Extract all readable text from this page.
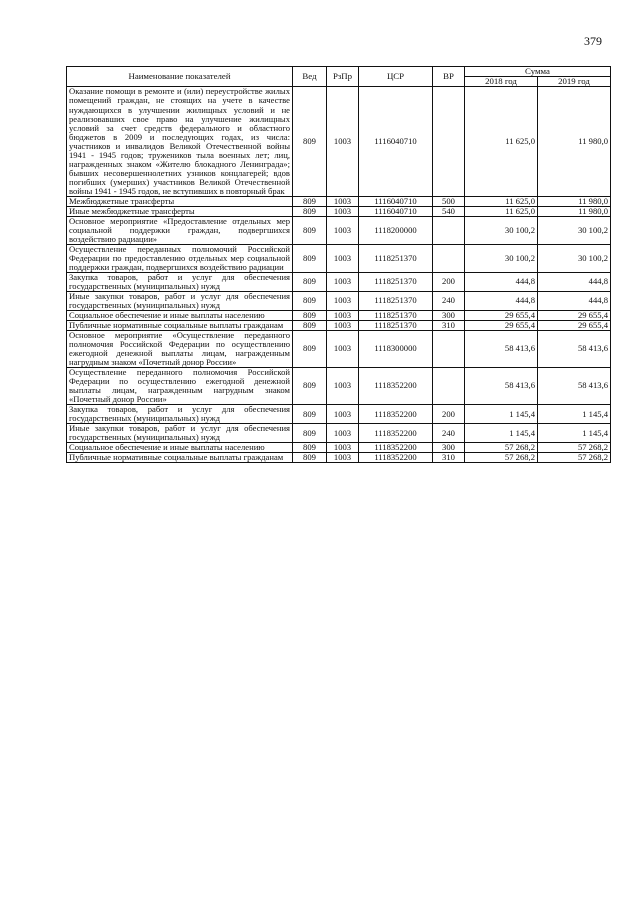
379
Наименование показателей	Вед	РзПр	ЦСР	ВР	Сумма	
					2018 год	2019 год
Оказание помощи в ремонте и (или) переустройстве жилых помещений граждан, не стоящих на учете в качестве нуждающихся в улучшении жилищных условий и не реализовавших свое право на улучшение жилищных условий за счет средств федерального и областного бюджетов в 2009 и последующих годах, из числа: участников и инвалидов Великой Отечественной войны 1941 - 1945 годов; тружеников тыла военных лет; лиц, награжденных знаком «Жителю блокадного Ленинграда»; бывших несовершеннолетних узников концлагерей; вдов погибших (умерших) участников Великой Отечественной войны 1941 - 1945 годов, не вступивших в повторный брак	809	1003	1116040710		11 625,0	11 980,0
Межбюджетные трансферты	809	1003	1116040710	500	11 625,0	11 980,0
Иные межбюджетные трансферты	809	1003	1116040710	540	11 625,0	11 980,0
Основное мероприятие «Предоставление отдельных мер социальной поддержки граждан, подвергшихся воздействию радиации»	809	1003	1118200000		30 100,2	30 100,2
Осуществление переданных полномочий Российской Федерации по предоставлению отдельных мер социальной поддержки граждан, подвергшихся воздействию радиации	809	1003	1118251370		30 100,2	30 100,2
Закупка товаров, работ и услуг для обеспечения государственных (муниципальных) нужд	809	1003	1118251370	200	444,8	444,8
Иные закупки товаров, работ и услуг для обеспечения государственных (муниципальных) нужд	809	1003	1118251370	240	444,8	444,8
Социальное обеспечение и иные выплаты населению	809	1003	1118251370	300	29 655,4	29 655,4
Публичные нормативные социальные выплаты гражданам	809	1003	1118251370	310	29 655,4	29 655,4
Основное мероприятие «Осуществление переданного полномочия Российской Федерации по осуществлению ежегодной денежной выплаты лицам, награжденным нагрудным знаком «Почетный донор России»	809	1003	1118300000		58 413,6	58 413,6
Осуществление переданного полномочия Российской Федерации по осуществлению ежегодной денежной выплаты лицам, награжденным нагрудным знаком «Почетный донор России»	809	1003	1118352200		58 413,6	58 413,6
Закупка товаров, работ и услуг для обеспечения государственных (муниципальных) нужд	809	1003	1118352200	200	1 145,4	1 145,4
Иные закупки товаров, работ и услуг для обеспечения государственных (муниципальных) нужд	809	1003	1118352200	240	1 145,4	1 145,4
Социальное обеспечение и иные выплаты населению	809	1003	1118352200	300	57 268,2	57 268,2
Публичные нормативные социальные выплаты гражданам	809	1003	1118352200	310	57 268,2	57 268,2
